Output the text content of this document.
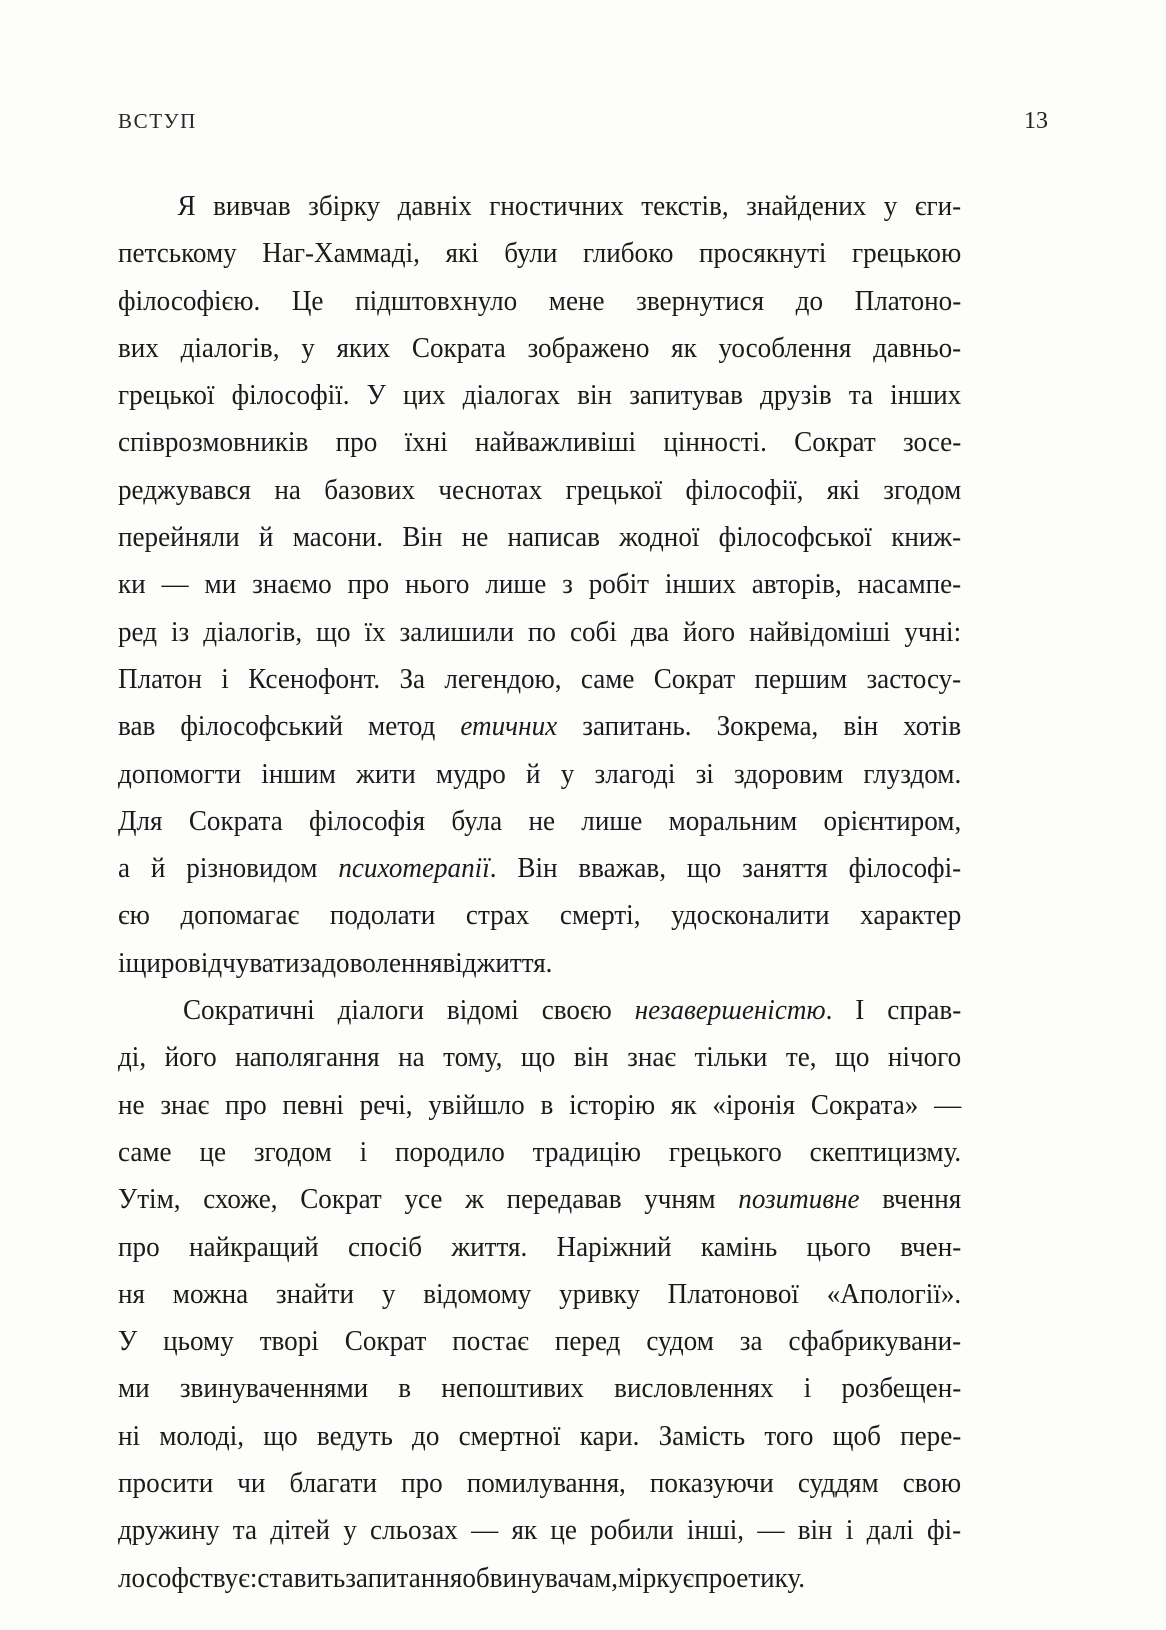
ВСТУП	13

Я вивчав збірку давніх гностичних текстів, знайдених у єги-
петському Наг-Хаммаді, які були глибоко просякнуті грецькою
філософією. Це підштовхнуло мене звернутися до Платоно-
вих діалогів, у яких Сократа зображено як уособлення давньо-
грецької філософії. У цих діалогах він запитував друзів та інших
співрозмовників про їхні найважливіші цінності. Сократ зосе-
реджувався на базових чеснотах грецької філософії, які згодом
перейняли й масони. Він не написав жодної філософської книж-
ки — ми знаємо про нього лише з робіт інших авторів, насампе-
ред із діалогів, що їх залишили по собі два його найвідоміші учні:
Платон і Ксенофонт. За легендою, саме Сократ першим застосу-
вав філософський метод етичних запитань. Зокрема, він хотів
допомогти іншим жити мудро й у злагоді зі здоровим глуздом.
Для Сократа філософія була не лише моральним орієнтиром,
а й різновидом психотерапії. Він вважав, що заняття філософі-
єю допомагає подолати страх смерті, удосконалити характер
іщировідчуватизадоволеннявіджиття.

Сократичні діалоги відомі своєю незавершеністю. І справ-
ді, його наполягання на тому, що він знає тільки те, що нічого
не знає про певні речі, увійшло в історію як «іронія Сократа» —
саме це згодом і породило традицію грецького скептицизму.
Утім, схоже, Сократ усе ж передавав учням позитивне вчення
про найкращий спосіб життя. Наріжний камінь цього вчен-
ня можна знайти у відомому уривку Платонової «Апології».
У цьому творі Сократ постає перед судом за сфабрикувани-
ми звинуваченнями в непоштивих висловленнях і розбещен-
ні молоді, що ведуть до смертної кари. Замість того щоб пере-
просити чи благати про помилування, показуючи суддям свою
дружину та дітей у сльозах — як це робили інші, — він і далі фі-
лософствує:ставитьзапитанняобвинувачам,міркуєпроетику.
